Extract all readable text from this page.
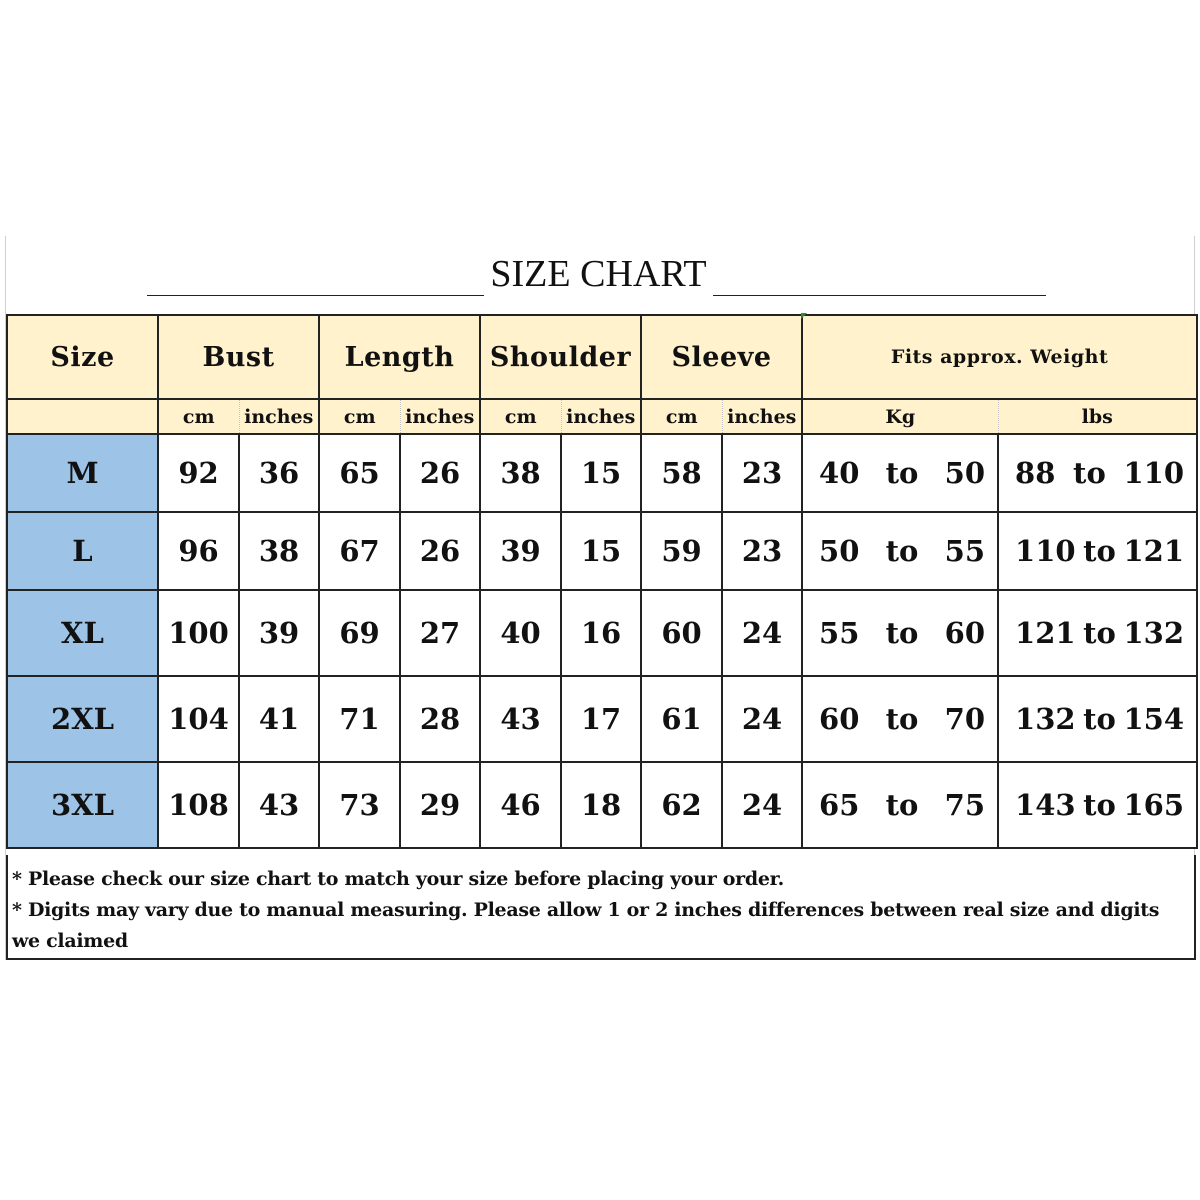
SIZE CHART
Size	Bust		Length		Shoulder		Sleeve		Fits approx. Weight	
	cm	inches	cm	inches	cm	inches	cm	inches	Kg	lbs
M	92	36	65	26	38	15	58	23	40 to 50	88 to 110

L	96	38	67	26	39	15	59	23	50 to 55	110 to 121

XL	100	39	69	27	40	16	60	24	55 to 60	121 to 132

2XL	104	41	71	28	43	17	61	24	60 to 70	132 to 154

3XL	108	43	73	29	46	18	62	24	65 to 75	143 to 165

* Please check our size chart to match your size before placing your order.

* Digits may vary due to manual measuring. Please allow 1 or 2 inches differences between real size and digits we claimed
